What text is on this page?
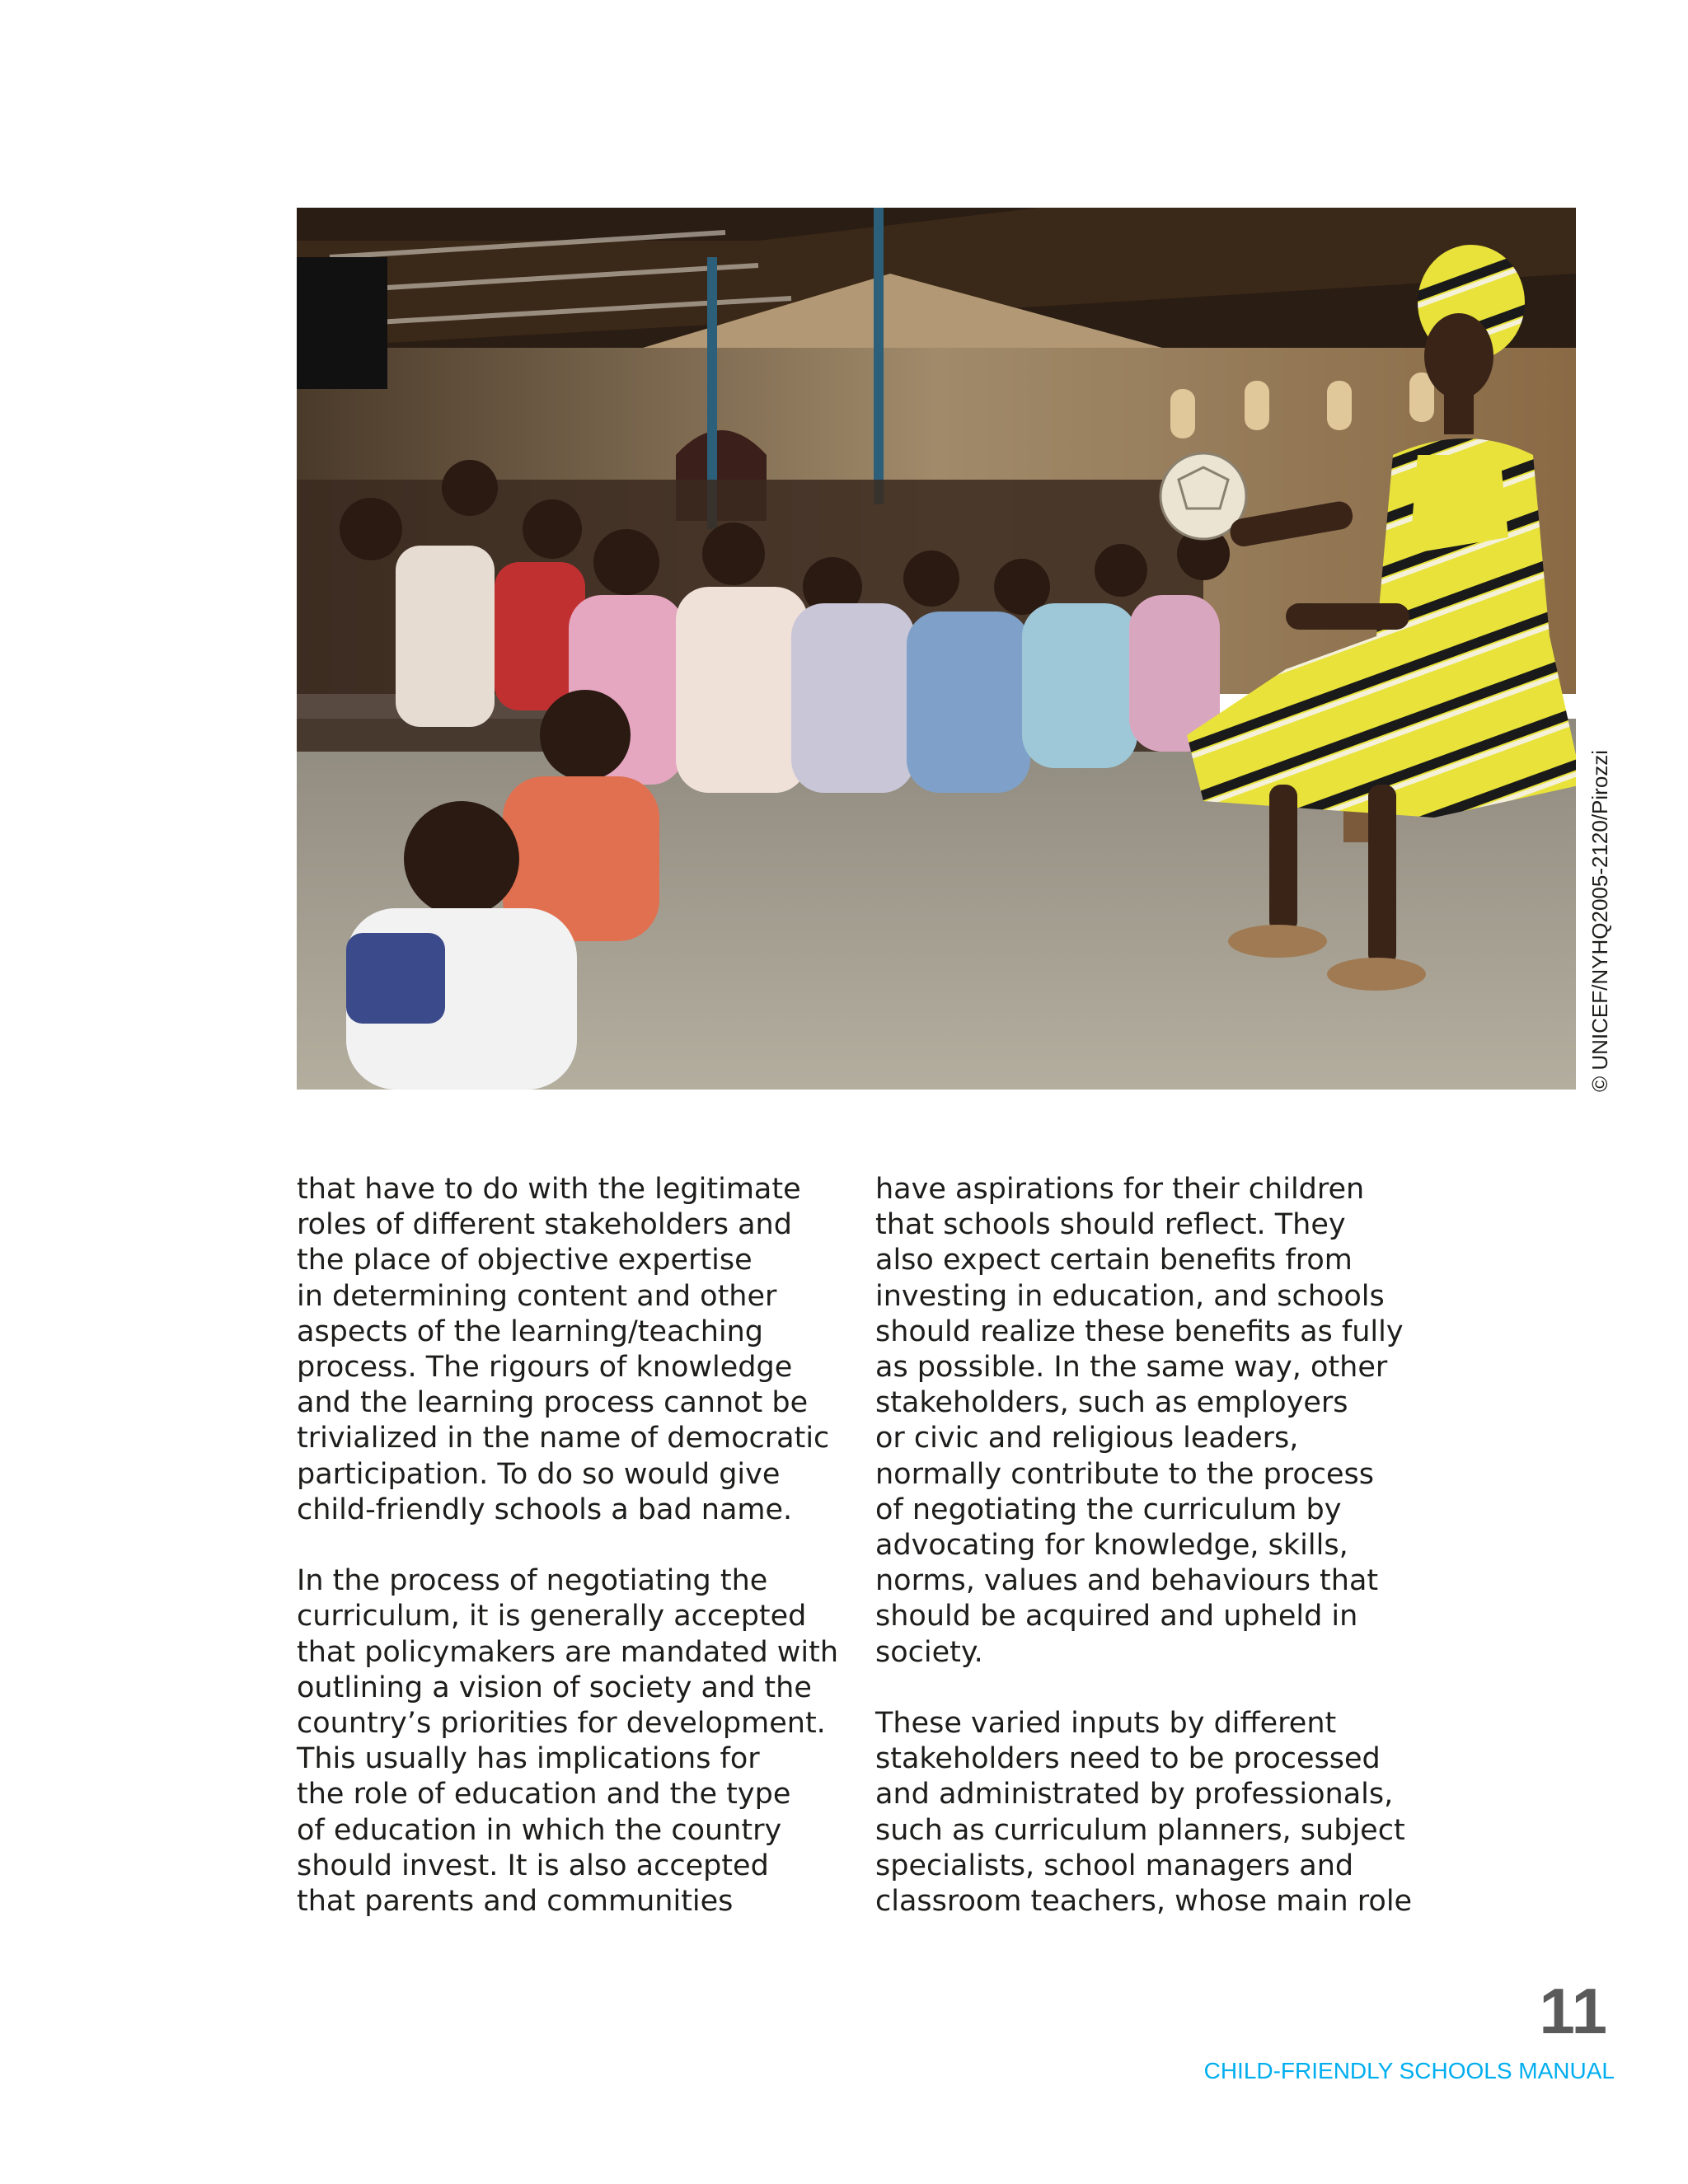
© UNICEF/NYHQ2005-2120/Pirozzi

that have to do with the legitimate
roles of different stakeholders and
the place of objective expertise
in determining content and other
aspects of the learning/teaching
process. The rigours of knowledge
and the learning process cannot be
trivialized in the name of democratic
participation. To do so would give
child-friendly schools a bad name.

In the process of negotiating the
curriculum, it is generally accepted
that policymakers are mandated with
outlining a vision of society and the
country’s priorities for development.
This usually has implications for
the role of education and the type
of education in which the country
should invest. It is also accepted
that parents and communities

have aspirations for their children
that schools should reflect. They
also expect certain benefits from
investing in education, and schools
should realize these benefits as fully
as possible. In the same way, other
stakeholders, such as employers
or civic and religious leaders,
normally contribute to the process
of negotiating the curriculum by
advocating for knowledge, skills,
norms, values and behaviours that
should be acquired and upheld in
society.

These varied inputs by different
stakeholders need to be processed
and administrated by professionals,
such as curriculum planners, subject
specialists, school managers and
classroom teachers, whose main role

11
CHILD-FRIENDLY SCHOOLS MANUAL
